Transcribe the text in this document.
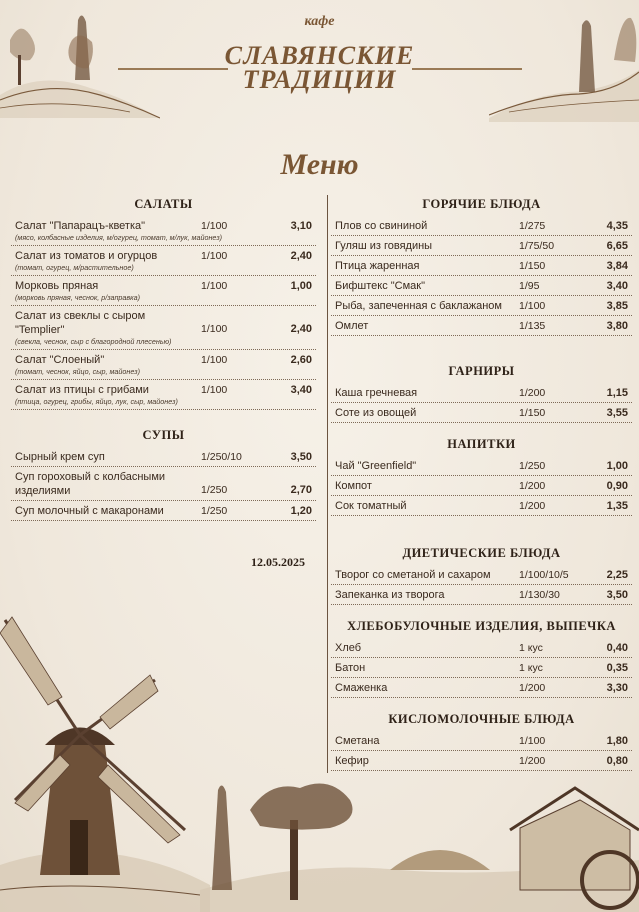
кафе
СЛАВЯНСКИЕ
ТРАДИЦИИ
Меню
САЛАТЫ
Салат "Папарацъ-кветка"	1/100	3,10
(мясо, колбасные изделия, м/огурец, томат, м/лук, майонез)
Салат из томатов и огурцов	1/100	2,40
(томат, огурец, м/растительное)
Морковь пряная	1/100	1,00
(морковь пряная, чеснок, р/заправка)
Салат из свеклы с сыром "Templier"	1/100	2,40
(свекла, чеснок, сыр с благородной плесенью)
Салат "Слоеный"	1/100	2,60
(томат, чеснок, яйцо, сыр, майонез)
Салат из птицы с грибами	1/100	3,40
(птица, огурец, грибы, яйцо, лук, сыр, майонез)
СУПЫ
Сырный крем суп	1/250/10	3,50
Суп гороховый с колбасными изделиями	1/250	2,70
Суп молочный с макаронами	1/250	1,20
ГОРЯЧИЕ БЛЮДА
Плов со свининой	1/275	4,35
Гуляш из говядины	1/75/50	6,65
Птица жаренная	1/150	3,84
Бифштекс "Смак"	1/95	3,40
Рыба, запеченная с баклажаном	1/100	3,85
Омлет	1/135	3,80
ГАРНИРЫ
Каша гречневая	1/200	1,15
Соте из овощей	1/150	3,55
НАПИТКИ
Чай "Greenfield"	1/250	1,00
Компот	1/200	0,90
Сок томатный	1/200	1,35
ДИЕТИЧЕСКИЕ БЛЮДА
Творог со сметаной и сахаром	1/100/10/5	2,25
Запеканка из творога	1/130/30	3,50
ХЛЕБОБУЛОЧНЫЕ ИЗДЕЛИЯ, ВЫПЕЧКА
Хлеб	1 кус	0,40
Батон	1 кус	0,35
Смаженка	1/200	3,30
КИСЛОМОЛОЧНЫЕ БЛЮДА
Сметана	1/100	1,80
Кефир	1/200	0,80
12.05.2025
